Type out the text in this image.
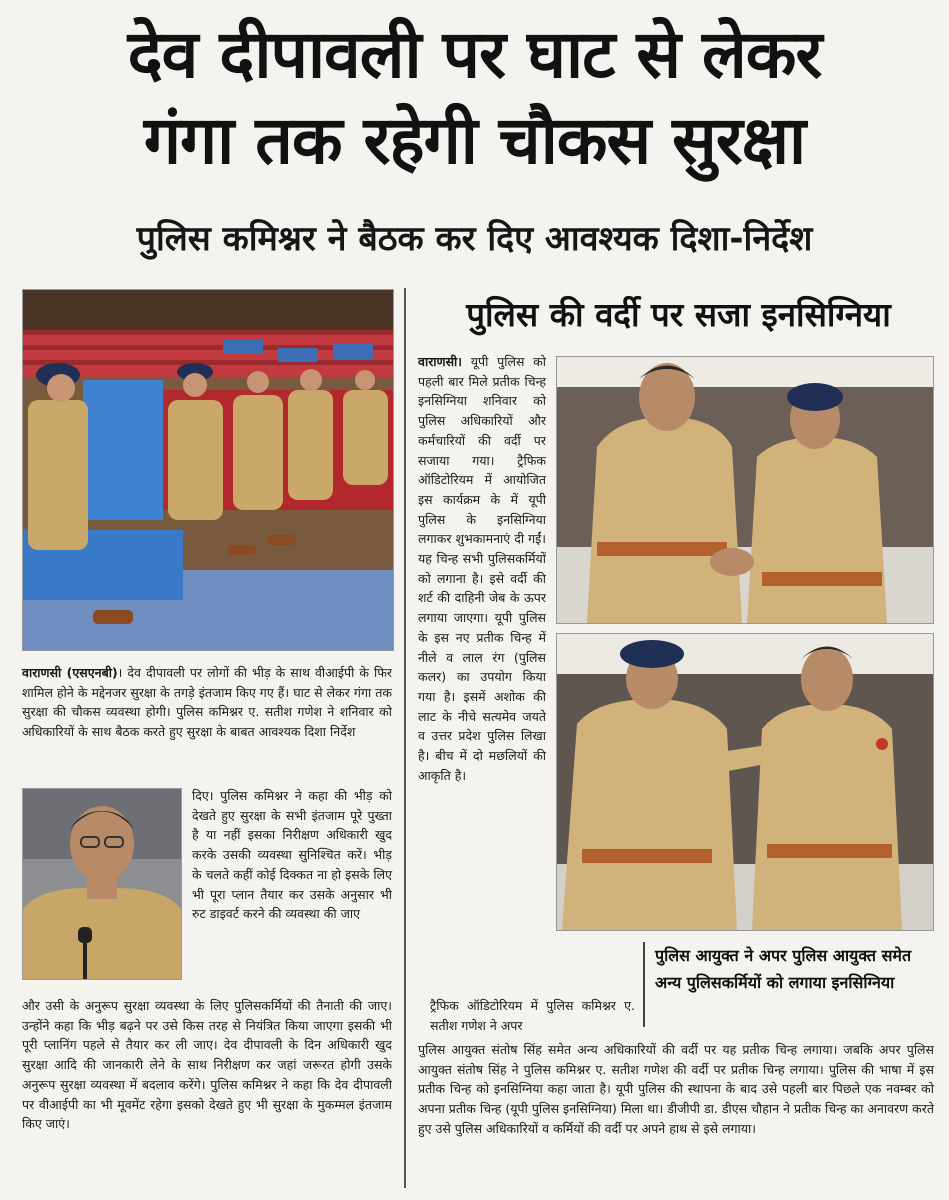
देव दीपावली पर घाट से लेकर
गंगा तक रहेगी चौकस सुरक्षा
पुलिस कमिश्नर ने बैठक कर दिए आवश्यक दिशा-निर्देश
वाराणसी (एसएनबी)। देव दीपावली पर लोगों की भीड़ के साथ वीआईपी के फिर शामिल होने के मद्देनजर सुरक्षा के तगड़े इंतजाम किए गए हैं। घाट से लेकर गंगा तक सुरक्षा की चौकस व्यवस्था होगी। पुलिस कमिश्नर ए. सतीश गणेश ने शनिवार को अधिकारियों के साथ बैठक करते हुए सुरक्षा के बाबत आवश्यक दिशा निर्देश
दिए। पुलिस कमिश्नर ने कहा की भीड़ को देखते हुए सुरक्षा के सभी इंतजाम पूरे पुख्ता है या नहीं इसका निरीक्षण अधिकारी खुद करके उसकी व्यवस्था सुनिश्चित करें। भीड़ के चलते कहीं कोई दिक्कत ना हो इसके लिए भी पूरा प्लान तैयार कर उसके अनुसार भी रुट डाइवर्ट करने की व्यवस्था की जाए
और उसी के अनुरूप सुरक्षा व्यवस्था के लिए पुलिसकर्मियों की तैनाती की जाए। उन्होंने कहा कि भीड़ बढ़ने पर उसे किस तरह से नियंत्रित किया जाएगा इसकी भी पूरी प्लानिंग पहले से तैयार कर ली जाए। देव दीपावली के दिन अधिकारी खुद सुरक्षा आदि की जानकारी लेने के साथ निरीक्षण कर जहां जरूरत होगी उसके अनुरूप सुरक्षा व्यवस्था में बदलाव करेंगे। पुलिस कमिश्नर ने कहा कि देव दीपावली पर वीआईपी का भी मूवमेंट रहेगा इसको देखते हुए भी सुरक्षा के मुकम्मल इंतजाम किए जाएं।
पुलिस की वर्दी पर सजा इनसिग्निया
वाराणसी। यूपी पुलिस को पहली बार मिले प्रतीक चिन्ह इनसिग्निया शनिवार को पुलिस अधिकारियों और कर्मचारियों की वर्दी पर सजाया गया। ट्रैफिक ऑडिटोरियम में आयोजित इस कार्यक्रम के में यूपी पुलिस के इनसिग्निया लगाकर शुभकामनाएं दी गईं। यह चिन्ह सभी पुलिसकर्मियों को लगाना है। इसे वर्दी की शर्ट की दाहिनी जेब के ऊपर लगाया जाएगा। यूपी पुलिस के इस नए प्रतीक चिन्ह में नीले व लाल रंग (पुलिस कलर) का उपयोग किया गया है। इसमें अशोक की लाट के नीचे सत्यमेव जयते व उत्तर प्रदेश पुलिस लिखा है। बीच में दो मछलियों की आकृति है।
ट्रैफिक ऑडिटोरियम में पुलिस कमिश्नर ए. सतीश गणेश ने अपर
पुलिस आयुक्त ने अपर पुलिस आयुक्त समेत अन्य पुलिसकर्मियों को लगाया इनसिग्निया
पुलिस आयुक्त संतोष सिंह समेत अन्य अधिकारियों की वर्दी पर यह प्रतीक चिन्ह लगाया। जबकि अपर पुलिस आयुक्त संतोष सिंह ने पुलिस कमिश्नर ए. सतीश गणेश की वर्दी पर प्रतीक चिन्ह लगाया। पुलिस की भाषा में इस प्रतीक चिन्ह को इनसिग्निया कहा जाता है। यूपी पुलिस की स्थापना के बाद उसे पहली बार पिछले एक नवम्बर को अपना प्रतीक चिन्ह (यूपी पुलिस इनसिग्निया) मिला था। डीजीपी डा. डीएस चौहान ने प्रतीक चिन्ह का अनावरण करते हुए उसे पुलिस अधिकारियों व कर्मियों की वर्दी पर अपने हाथ से इसे लगाया।
